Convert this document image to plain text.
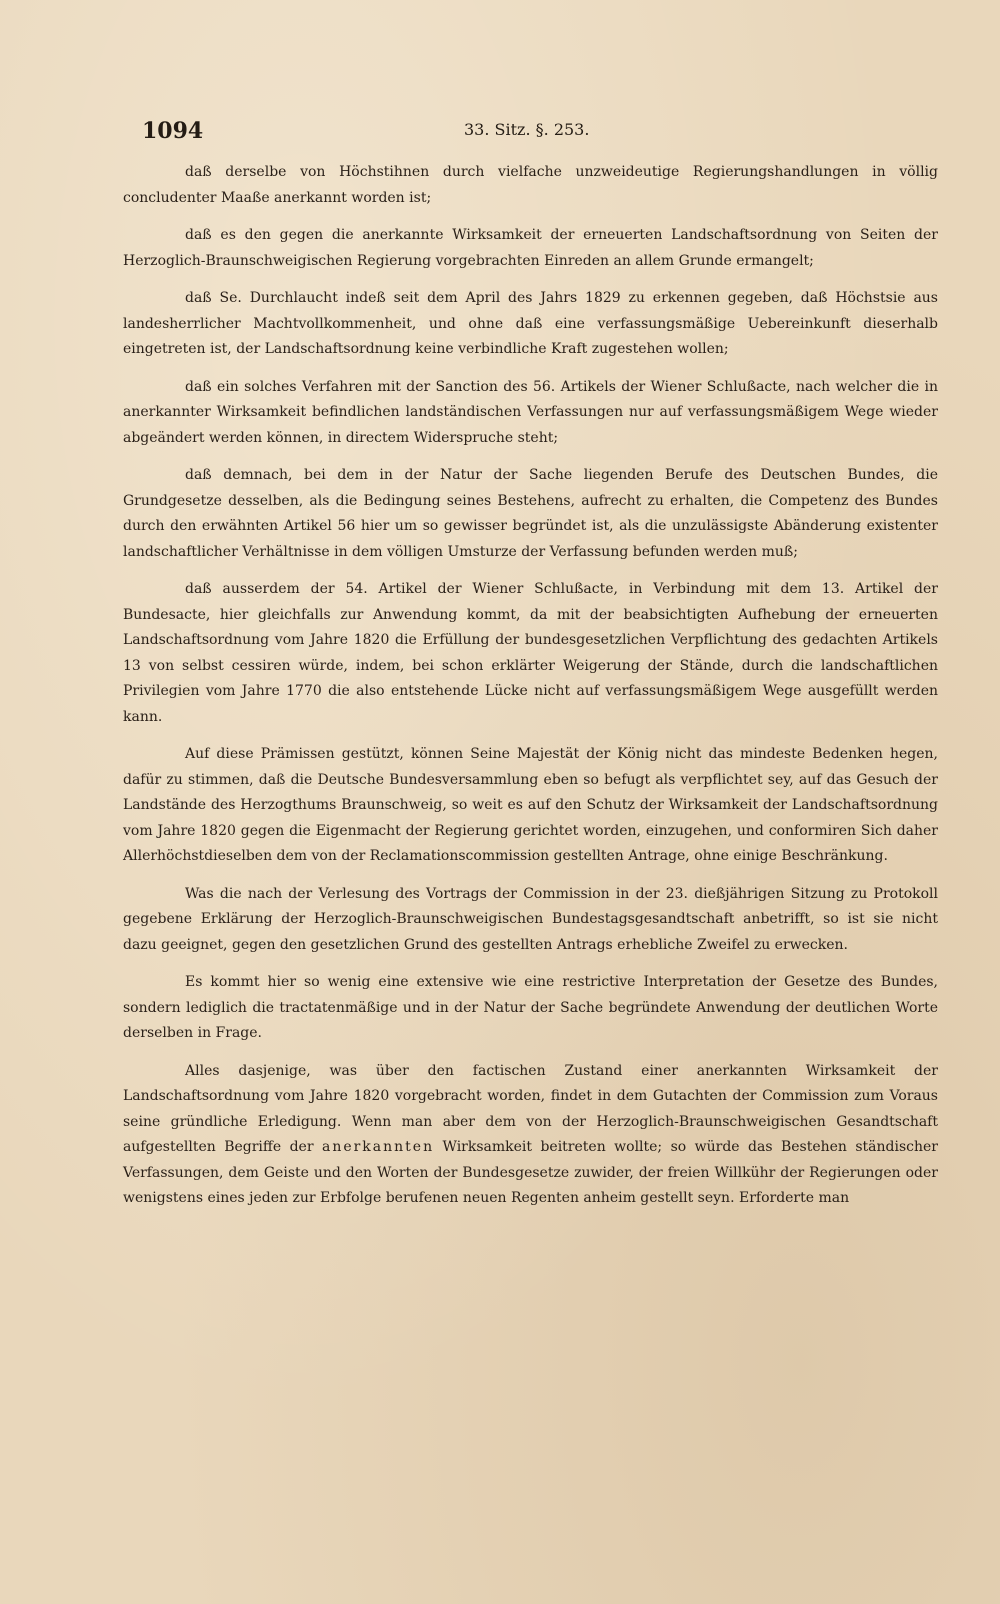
1094	33. Sitz. §. 253.

daß derselbe von Höchstihnen durch vielfache unzweideutige Regierungshandlungen in völlig concludenter Maaße anerkannt worden ist;

daß es den gegen die anerkannte Wirksamkeit der erneuerten Landschaftsordnung von Seiten der Herzoglich-Braunschweigischen Regierung vorgebrachten Einreden an allem Grunde ermangelt;

daß Se. Durchlaucht indeß seit dem April des Jahrs 1829 zu erkennen gegeben, daß Höchstsie aus landesherrlicher Machtvollkommenheit, und ohne daß eine verfassungsmäßige Uebereinkunft dieserhalb eingetreten ist, der Landschaftsordnung keine verbindliche Kraft zugestehen wollen;

daß ein solches Verfahren mit der Sanction des 56. Artikels der Wiener Schlußacte, nach welcher die in anerkannter Wirksamkeit befindlichen landständischen Verfassungen nur auf verfassungsmäßigem Wege wieder abgeändert werden können, in directem Widerspruche steht;

daß demnach, bei dem in der Natur der Sache liegenden Berufe des Deutschen Bundes, die Grundgesetze desselben, als die Bedingung seines Bestehens, aufrecht zu erhalten, die Competenz des Bundes durch den erwähnten Artikel 56 hier um so gewisser begründet ist, als die unzulässigste Abänderung existenter landschaftlicher Verhältnisse in dem völligen Umsturze der Verfassung befunden werden muß;

daß ausserdem der 54. Artikel der Wiener Schlußacte, in Verbindung mit dem 13. Artikel der Bundesacte, hier gleichfalls zur Anwendung kommt, da mit der beabsichtigten Aufhebung der erneuerten Landschaftsordnung vom Jahre 1820 die Erfüllung der bundesgesetzlichen Verpflichtung des gedachten Artikels 13 von selbst cessiren würde, indem, bei schon erklärter Weigerung der Stände, durch die landschaftlichen Privilegien vom Jahre 1770 die also entstehende Lücke nicht auf verfassungsmäßigem Wege ausgefüllt werden kann.

Auf diese Prämissen gestützt, können Seine Majestät der König nicht das mindeste Bedenken hegen, dafür zu stimmen, daß die Deutsche Bundesversammlung eben so befugt als verpflichtet sey, auf das Gesuch der Landstände des Herzogthums Braunschweig, so weit es auf den Schutz der Wirksamkeit der Landschaftsordnung vom Jahre 1820 gegen die Eigenmacht der Regierung gerichtet worden, einzugehen, und conformiren Sich daher Allerhöchstdieselben dem von der Reclamationscommission gestellten Antrage, ohne einige Beschränkung.

Was die nach der Verlesung des Vortrags der Commission in der 23. dießjährigen Sitzung zu Protokoll gegebene Erklärung der Herzoglich-Braunschweigischen Bundestagsgesandtschaft anbetrifft, so ist sie nicht dazu geeignet, gegen den gesetzlichen Grund des gestellten Antrags erhebliche Zweifel zu erwecken.

Es kommt hier so wenig eine extensive wie eine restrictive Interpretation der Gesetze des Bundes, sondern lediglich die tractatenmäßige und in der Natur der Sache begründete Anwendung der deutlichen Worte derselben in Frage.

Alles dasjenige, was über den factischen Zustand einer anerkannten Wirksamkeit der Landschaftsordnung vom Jahre 1820 vorgebracht worden, findet in dem Gutachten der Commission zum Voraus seine gründliche Erledigung. Wenn man aber dem von der Herzoglich-Braunschweigischen Gesandtschaft aufgestellten Begriffe der anerkannten Wirksamkeit beitreten wollte; so würde das Bestehen ständischer Verfassungen, dem Geiste und den Worten der Bundesgesetze zuwider, der freien Willkühr der Regierungen oder wenigstens eines jeden zur Erbfolge berufenen neuen Regenten anheim gestellt seyn. Erforderte man
